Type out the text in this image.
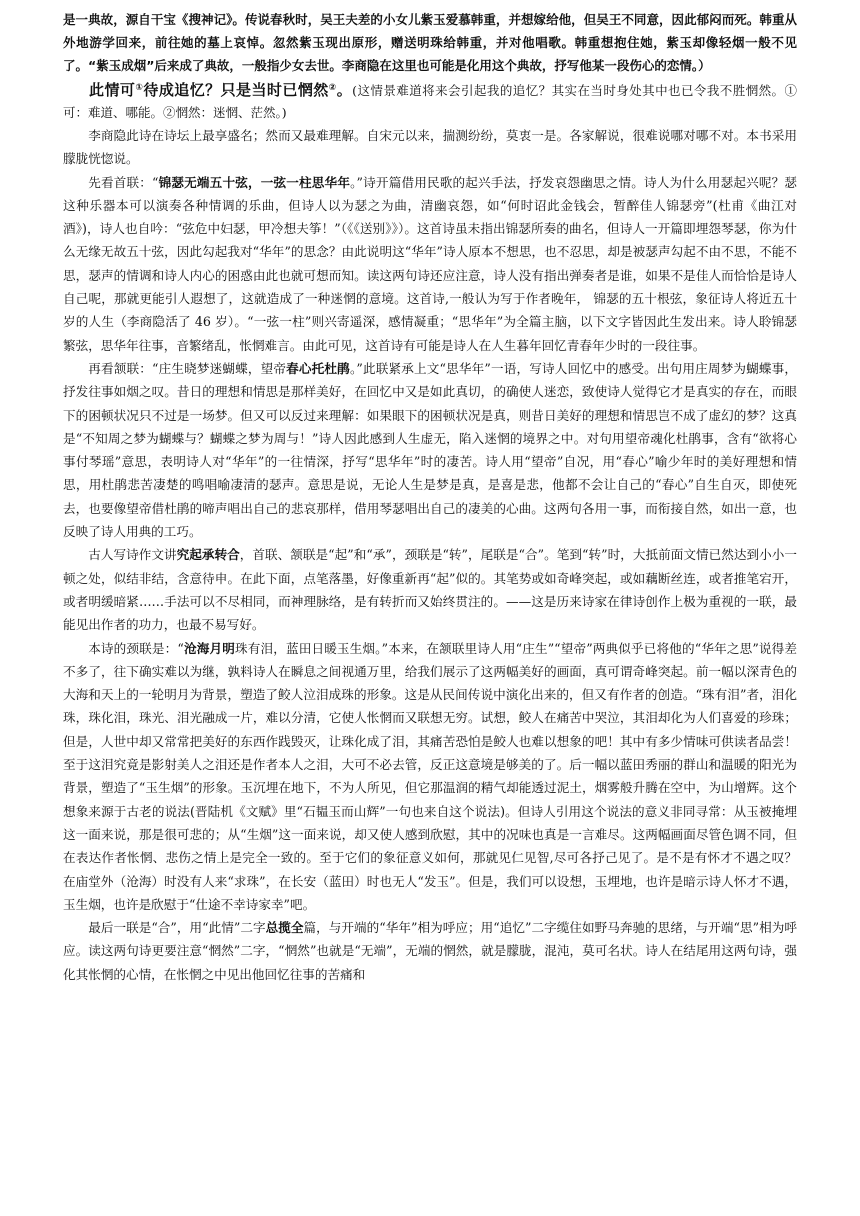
是一典故，源自干宝《搜神记》。传说春秋时，吴王夫差的小女儿紫玉爱慕韩重，并想嫁给他，但吴王不同意，因此郁闷而死。韩重从外地游学回来，前往她的墓上哀悼。忽然紫玉现出原形，赠送明珠给韩重，并对他唱歌。韩重想抱住她，紫玉却像轻烟一般不见了。“紫玉成烟”后来成了典故，一般指少女去世。李商隐在这里也可能是化用这个典故，抒写他某一段伤心的恋情。）

此情可①待成追忆？只是当时已惘然②。(这情景难道将来会引起我的追忆？其实在当时身处其中也已令我不胜惘然。①可：难道、哪能。②惘然：迷惘、茫然。)

李商隐此诗在诗坛上最享盛名；然而又最难理解。自宋元以来，揣测纷纷，莫衷一是。各家解说，很难说哪对哪不对。本书采用朦胧恍惚说。

先看首联：“锦瑟无端五十弦，一弦一柱思华年。”诗开篇借用民歌的起兴手法，抒发哀怨幽思之情。诗人为什么用瑟起兴呢？瑟这种乐器本可以演奏各种情调的乐曲，但诗人以为瑟之为曲，清幽哀怨，如“何时诏此金钱会，暂醉佳人锦瑟旁”(杜甫《曲江对酒》)，诗人也自吟：“弦危中妇瑟，甲冷想夫筝！”（《《送别》》）。这首诗虽未指出锦瑟所奏的曲名，但诗人一开篇即埋怨琴瑟，你为什么无缘无故五十弦，因此勾起我对“华年”的思念？由此说明这“华年”诗人原本不想思，也不忍思，却是被瑟声勾起不由不思，不能不思，瑟声的情调和诗人内心的困惑由此也就可想而知。读这两句诗还应注意，诗人没有指出弹奏者是谁，如果不是佳人而恰恰是诗人自己呢，那就更能引人遐想了，这就造成了一种迷惘的意境。这首诗,一般认为写于作者晚年， 锦瑟的五十根弦，象征诗人将近五十岁的人生（李商隐活了 46 岁）。“一弦一柱”则兴寄遥深，感情凝重；“思华年”为全篇主脑，以下文字皆因此生发出来。诗人聆锦瑟繁弦，思华年往事，音繁绪乱，怅惘难言。由此可见，这首诗有可能是诗人在人生暮年回忆青春年少时的一段往事。

再看颔联：“庄生晓梦迷蝴蝶，望帝春心托杜鹃。”此联紧承上文“思华年”一语，写诗人回忆中的感受。出句用庄周梦为蝴蝶事，抒发往事如烟之叹。昔日的理想和情思是那样美好，在回忆中又是如此真切，的确使人迷恋，致使诗人觉得它才是真实的存在，而眼下的困顿状况只不过是一场梦。但又可以反过来理解：如果眼下的困顿状况是真，则昔日美好的理想和情思岂不成了虚幻的梦？这真是“不知周之梦为蝴蝶与？蝴蝶之梦为周与！”诗人因此感到人生虚无，陷入迷惘的境界之中。对句用望帝魂化杜鹃事，含有“欲将心事付琴瑶”意思，表明诗人对“华年”的一往情深，抒写“思华年”时的凄苦。诗人用“望帝”自况，用“春心”喻少年时的美好理想和情思，用杜鹃悲苦凄楚的鸣唱喻凄清的瑟声。意思是说，无论人生是梦是真，是喜是悲，他都不会让自己的“春心”自生自灭，即使死去，也要像望帝借杜鹃的啼声唱出自己的悲哀那样，借用琴瑟唱出自己的凄美的心曲。这两句各用一事，而衔接自然，如出一意，也反映了诗人用典的工巧。

古人写诗作文讲究起承转合，首联、颔联是“起”和“承”，颈联是“转”，尾联是“合”。笔到“转”时，大抵前面文情已然达到小小一顿之处，似结非结，含意待申。在此下面，点笔落墨，好像重新再“起”似的。其笔势或如奇峰突起，或如藕断丝连，或者推笔宕开，或者明缓暗紧……手法可以不尽相同，而神理脉络，是有转折而又始终贯注的。——这是历来诗家在律诗创作上极为重视的一联，最能见出作者的功力，也最不易写好。

本诗的颈联是：“沧海月明珠有泪，蓝田日暖玉生烟。”本来，在颔联里诗人用“庄生”“望帝”两典似乎已将他的“华年之思”说得差不多了，往下确实难以为继，孰料诗人在瞬息之间视通万里，给我们展示了这两幅美好的画面，真可谓奇峰突起。前一幅以深青色的大海和天上的一轮明月为背景，塑造了鲛人泣泪成珠的形象。这是从民间传说中演化出来的，但又有作者的创造。“珠有泪”者，泪化珠，珠化泪，珠光、泪光融成一片，难以分清，它使人怅惘而又联想无穷。试想，鲛人在痛苦中哭泣，其泪却化为人们喜爱的珍珠；但是，人世中却又常常把美好的东西作践毁灭，让珠化成了泪，其痛苦恐怕是鲛人也难以想象的吧！其中有多少情味可供读者品尝！至于这泪究竟是影射美人之泪还是作者本人之泪，大可不必去管，反正这意境是够美的了。后一幅以蓝田秀丽的群山和温暖的阳光为背景，塑造了“玉生烟”的形象。玉沉埋在地下，不为人所见，但它那温润的精气却能透过泥土，烟雾般升腾在空中，为山增辉。这个想象来源于古老的说法(晋陆机《文赋》里“石韫玉而山辉”一句也来自这个说法)。但诗人引用这个说法的意义非同寻常：从玉被掩埋这一面来说，那是很可悲的；从“生烟”这一面来说，却又使人感到欣慰，其中的况味也真是一言难尽。这两幅画面尽管色调不同，但在表达作者怅惘、悲伤之情上是完全一致的。至于它们的象征意义如何，那就见仁见智,尽可各抒己见了。是不是有怀才不遇之叹？在庙堂外（沧海）时没有人来“求珠”，在长安（蓝田）时也无人“发玉”。但是，我们可以设想，玉埋地，也许是暗示诗人怀才不遇，玉生烟，也许是欣慰于“仕途不幸诗家幸”吧。

最后一联是“合”，用“此情”二字总揽全篇，与开端的“华年”相为呼应；用“追忆”二字缆住如野马奔驰的思绪，与开端“思”相为呼应。读这两句诗更要注意“惘然”二字，“惘然”也就是“无端”，无端的惘然，就是朦胧，混沌，莫可名状。诗人在结尾用这两句诗，强化其怅惘的心情，在怅惘之中见出他回忆往事的苦痛和
